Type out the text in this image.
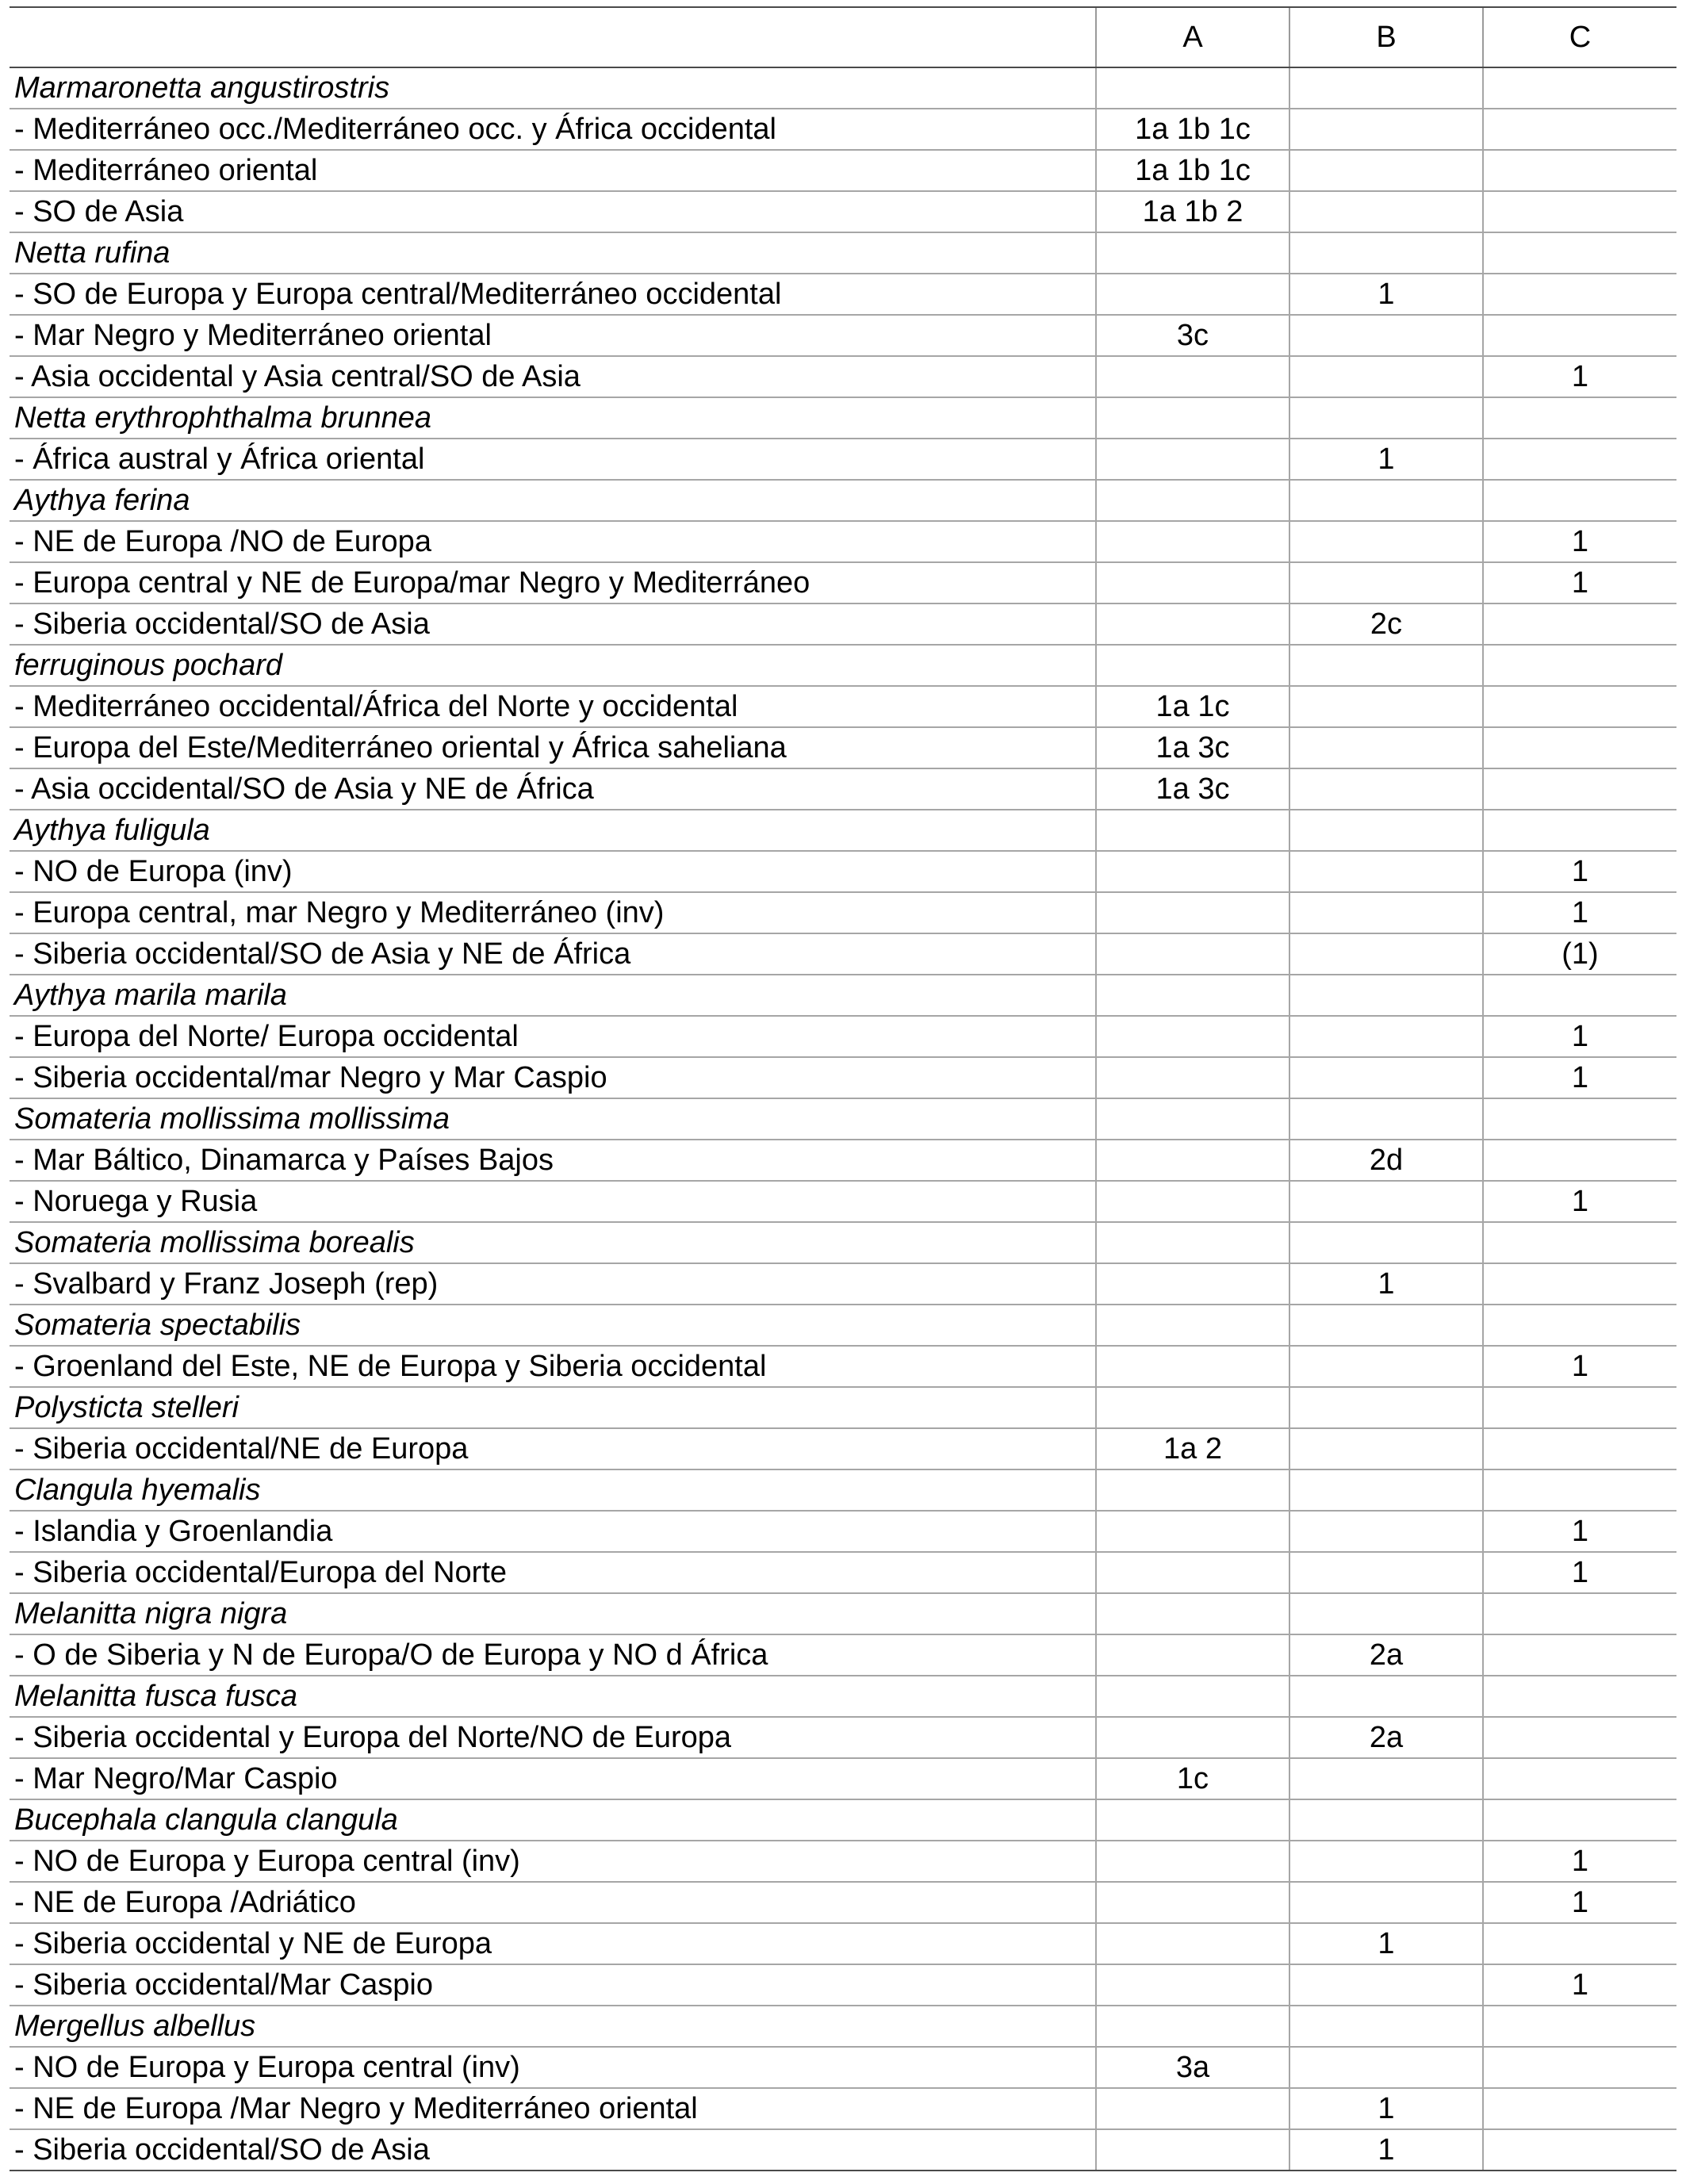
	A	B	C
Marmaronetta angustirostris			
- Mediterráneo occ./Mediterráneo occ. y África occidental	1a 1b 1c		
- Mediterráneo oriental	1a 1b 1c		
- SO de Asia	1a 1b 2		
Netta rufina			
- SO de Europa y Europa central/Mediterráneo occidental		1	
- Mar Negro y Mediterráneo oriental	3c		
- Asia occidental y Asia central/SO de Asia			1
Netta erythrophthalma brunnea			
- África austral y África oriental		1	
Aythya ferina			
- NE de Europa /NO de Europa			1
- Europa central y NE de Europa/mar Negro y Mediterráneo			1
- Siberia occidental/SO de Asia		2c	
ferruginous pochard			
- Mediterráneo occidental/África del Norte y occidental	1a 1c		
- Europa del Este/Mediterráneo oriental y África saheliana	1a 3c		
- Asia occidental/SO de Asia y NE de África	1a 3c		
Aythya fuligula			
- NO de Europa (inv)			1
- Europa central, mar Negro y Mediterráneo (inv)			1
- Siberia occidental/SO de Asia y NE de África			(1)
Aythya marila marila			
- Europa del Norte/ Europa occidental			1
- Siberia occidental/mar Negro y Mar Caspio			1
Somateria mollissima mollissima			
- Mar Báltico, Dinamarca y Países Bajos		2d	
- Noruega y Rusia			1
Somateria mollissima borealis			
- Svalbard y Franz Joseph (rep)		1	
Somateria spectabilis			
- Groenland del Este, NE de Europa y Siberia occidental			1
Polysticta stelleri			
- Siberia occidental/NE de Europa	1a 2		
Clangula hyemalis			
- Islandia y Groenlandia			1
- Siberia occidental/Europa del Norte			1
Melanitta nigra nigra			
- O de Siberia y N de Europa/O de Europa y NO d África		2a	
Melanitta fusca fusca			
- Siberia occidental y Europa del Norte/NO de Europa		2a	
- Mar Negro/Mar Caspio	1c		
Bucephala clangula clangula			
- NO de Europa y Europa central (inv)			1
- NE de Europa /Adriático			1
- Siberia occidental y NE de Europa		1	
- Siberia occidental/Mar Caspio			1
Mergellus albellus			
- NO de Europa y Europa central (inv)	3a		
- NE de Europa /Mar Negro y Mediterráneo oriental		1	
- Siberia occidental/SO de Asia		1	
